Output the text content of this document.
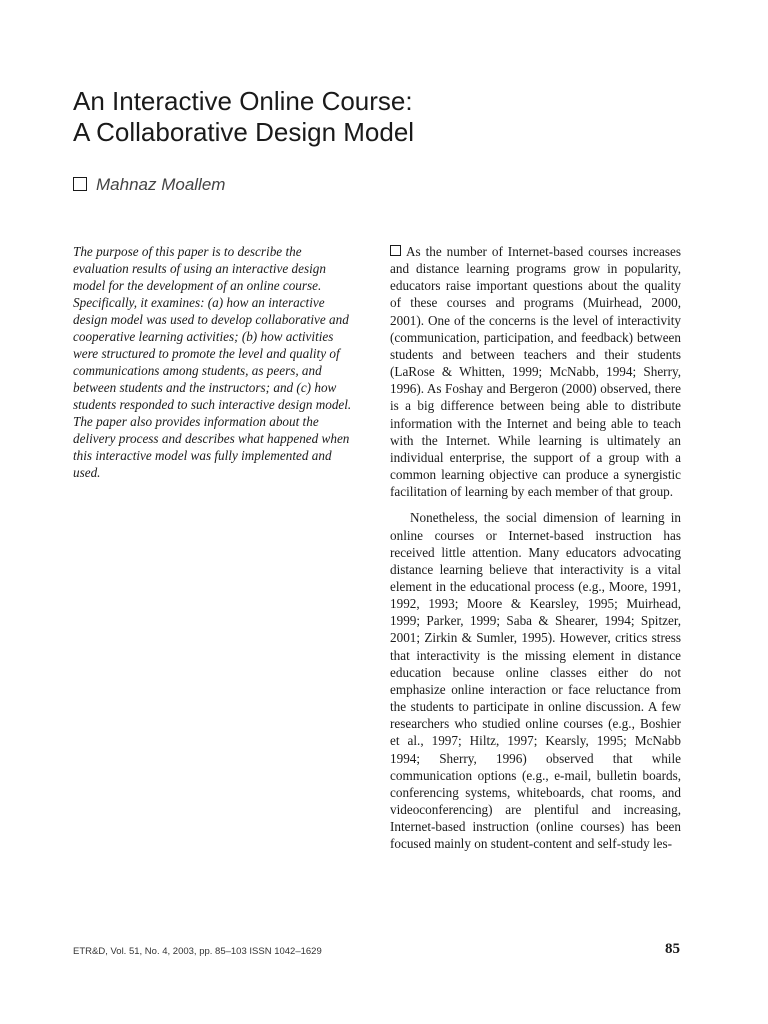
An Interactive Online Course:
A Collaborative Design Model
Mahnaz Moallem

The purpose of this paper is to describe the evaluation results of using an interactive design model for the development of an online course. Specifically, it examines: (a) how an interactive design model was used to develop collaborative and cooperative learning activities; (b) how activities were structured to promote the level and quality of communications among students, as peers, and between students and the instructors; and (c) how students responded to such interactive design model. The paper also provides information about the delivery process and describes what happened when this interactive model was fully implemented and used.

As the number of Internet-based courses increases and distance learning programs grow in popularity, educators raise important questions about the quality of these courses and programs (Muirhead, 2000, 2001). One of the concerns is the level of interactivity (communication, participation, and feedback) between students and between teachers and their students (LaRose & Whitten, 1999; McNabb, 1994; Sherry, 1996). As Foshay and Bergeron (2000) observed, there is a big difference between being able to distribute information with the Internet and being able to teach with the Internet. While learning is ultimately an individual enterprise, the support of a group with a common learning objective can produce a synergistic facilitation of learning by each member of that group.

Nonetheless, the social dimension of learning in online courses or Internet-based instruction has received little attention. Many educators advocating distance learning believe that interactivity is a vital element in the educational process (e.g., Moore, 1991, 1992, 1993; Moore & Kearsley, 1995; Muirhead, 1999; Parker, 1999; Saba & Shearer, 1994; Spitzer, 2001; Zirkin & Sumler, 1995). However, critics stress that interactivity is the missing element in distance education because online classes either do not emphasize online interaction or face reluctance from the students to participate in online discussion. A few researchers who studied online courses (e.g., Boshier et al., 1997; Hiltz, 1997; Kearsly, 1995; McNabb 1994; Sherry, 1996) observed that while communication options (e.g., e-mail, bulletin boards, conferencing systems, whiteboards, chat rooms, and videoconferencing) are plentiful and increasing, Internet-based instruction (online courses) has been focused mainly on student-content and self-study les-

ETR&D, Vol. 51, No. 4, 2003, pp. 85–103 ISSN 1042–1629	85
